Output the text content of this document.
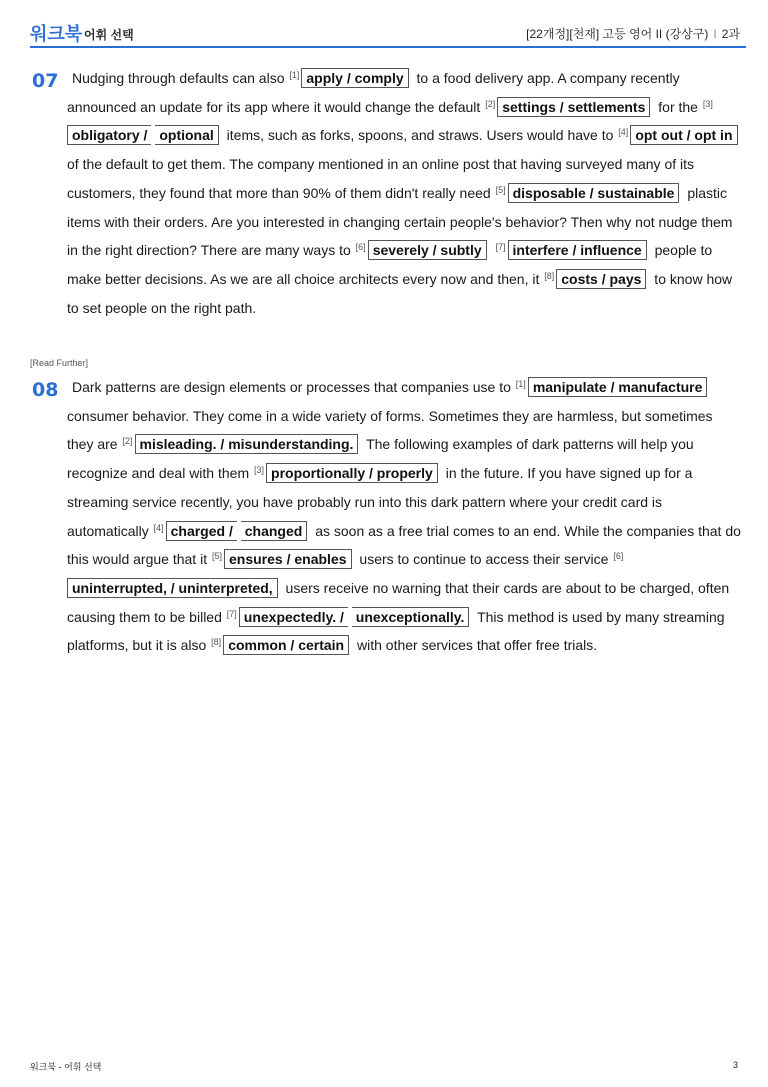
워크북 어휘 선택	[22개정][천재] 고등 영어 II (강상구) I 2과
07 Nudging through defaults can also [1] apply / comply to a food delivery app. A company recently announced an update for its app where it would change the default [2] settings / settlements for the [3]obligatory / optional items, such as forks, spoons, and straws. Users would have to [4] opt out / opt in of the default to get them. The company mentioned in an online post that having surveyed many of its customers, they found that more than 90% of them didn't really need [5] disposable / sustainable plastic items with their orders. Are you interested in changing certain people's behavior? Then why not nudge them in the right direction? There are many ways to [6] severely / subtly [7] interfere / influence people to make better decisions. As we are all choice architects every now and then, it [8] costs / pays to know how to set people on the right path.
[Read Further]
08 Dark patterns are design elements or processes that companies use to [1] manipulate / manufacture consumer behavior. They come in a wide variety of forms. Sometimes they are harmless, but sometimes they are [2] misleading. / misunderstanding. The following examples of dark patterns will help you recognize and deal with them [3] proportionally / properly in the future. If you have signed up for a streaming service recently, you have probably run into this dark pattern where your credit card is automatically [4] charged / changed as soon as a free trial comes to an end. While the companies that do this would argue that it [5] ensures / enables users to continue to access their service [6]uninterrupted, / uninterpreted, users receive no warning that their cards are about to be charged, often causing them to be billed [7] unexpectedly. / unexceptionally. This method is used by many streaming platforms, but it is also [8] common / certain with other services that offer free trials.
워크북 - 어휘 선택	3
